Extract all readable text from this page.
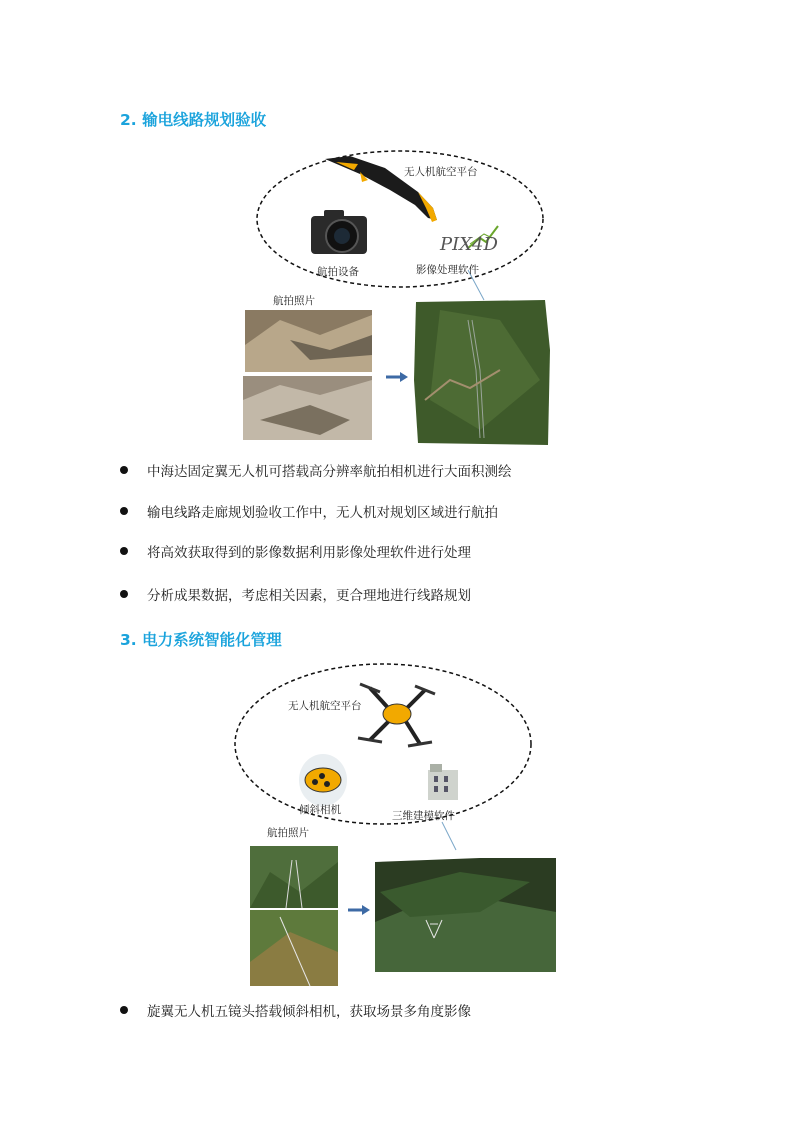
2. 输电线路规划验收
PIX4D
无人机航空平台
航拍设备	影像处理软件
航拍照片
中海达固定翼无人机可搭载高分辨率航拍相机进行大面积测绘
输电线路走廊规划验收工作中，无人机对规划区域进行航拍
将高效获取得到的影像数据利用影像处理软件进行处理
分析成果数据，考虑相关因素，更合理地进行线路规划
3. 电力系统智能化管理
无人机航空平台
倾斜相机	三维建模软件
航拍照片
旋翼无人机五镜头搭载倾斜相机，获取场景多角度影像
